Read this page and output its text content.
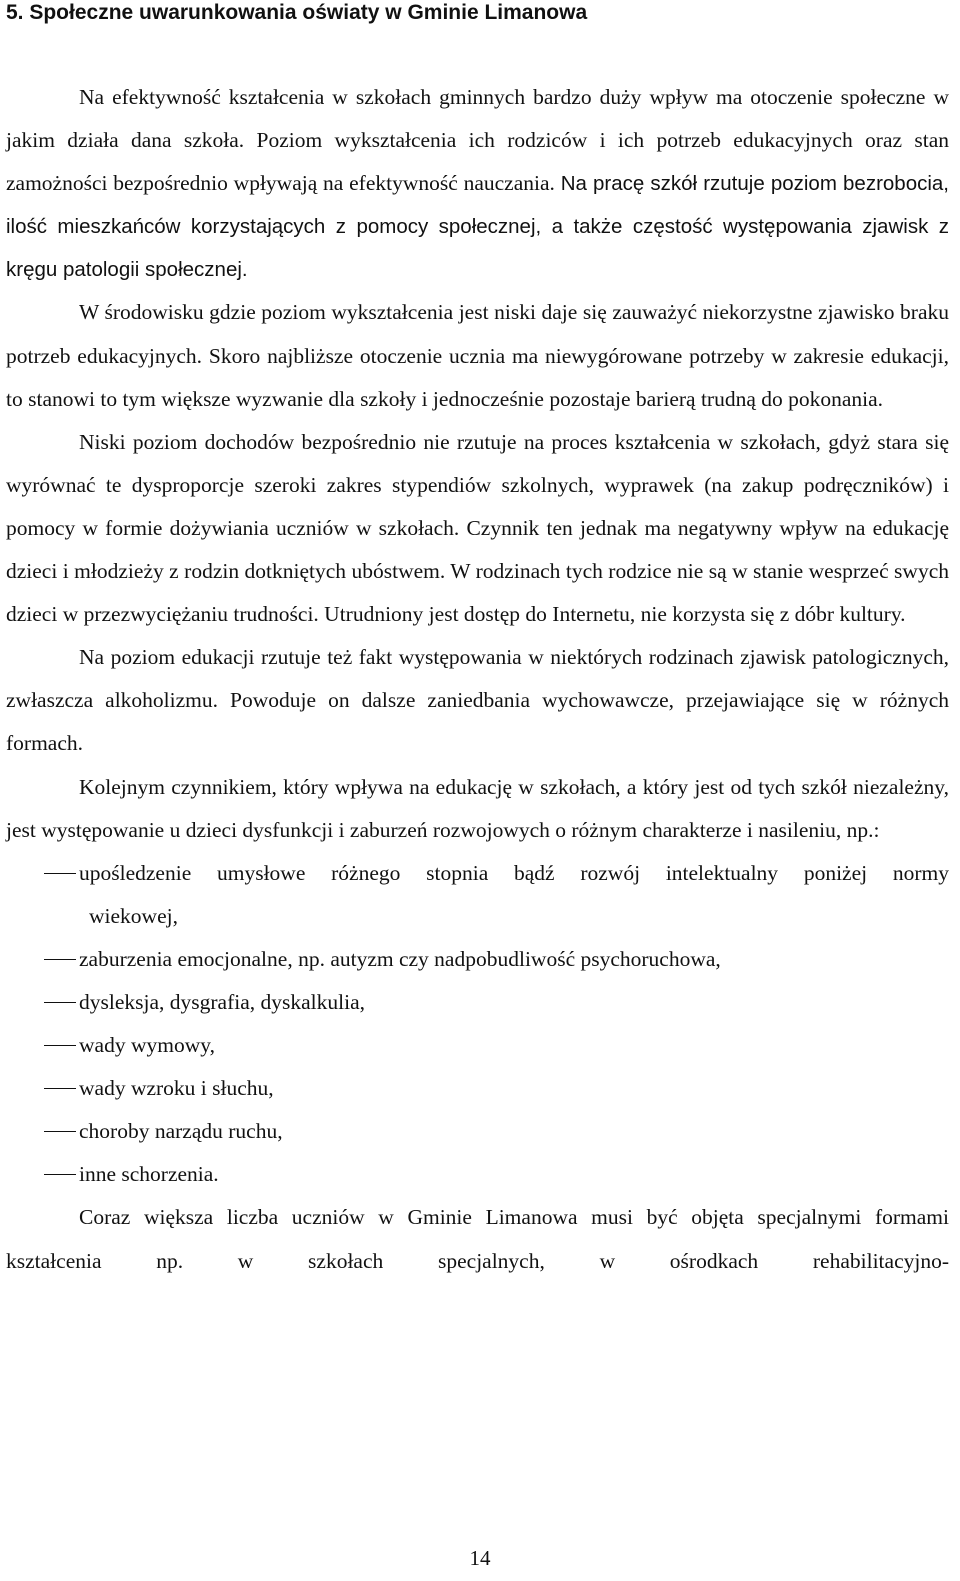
5. Społeczne uwarunkowania oświaty w Gminie Limanowa

Na efektywność kształcenia w szkołach gminnych bardzo duży wpływ ma otoczenie społeczne w jakim działa dana szkoła. Poziom wykształcenia ich rodziców i ich potrzeb edukacyjnych oraz stan zamożności bezpośrednio wpływają na efektywność nauczania. Na pracę szkół rzutuje poziom bezrobocia, ilość mieszkańców korzystających z pomocy społecznej, a także częstość występowania zjawisk z kręgu patologii społecznej.

W środowisku gdzie poziom wykształcenia jest niski daje się zauważyć niekorzystne zjawisko braku potrzeb edukacyjnych. Skoro najbliższe otoczenie ucznia ma niewygórowane potrzeby w zakresie edukacji, to stanowi to tym większe wyzwanie dla szkoły i jednocześnie pozostaje barierą trudną do pokonania.

Niski poziom dochodów bezpośrednio nie rzutuje na proces kształcenia w szkołach, gdyż stara się wyrównać te dysproporcje szeroki zakres stypendiów szkolnych, wyprawek (na zakup podręczników) i pomocy w formie dożywiania uczniów w szkołach. Czynnik ten jednak ma negatywny wpływ na edukację dzieci i młodzieży z rodzin dotkniętych ubóstwem. W rodzinach tych rodzice nie są w stanie wesprzeć swych dzieci w przezwyciężaniu trudności. Utrudniony jest dostęp do Internetu, nie korzysta się z dóbr kultury.

Na poziom edukacji rzutuje też fakt występowania w niektórych rodzinach zjawisk patologicznych, zwłaszcza alkoholizmu. Powoduje on dalsze zaniedbania wychowawcze, przejawiające się w różnych formach.

Kolejnym czynnikiem, który wpływa na edukację w szkołach, a który jest od tych szkół niezależny, jest występowanie u dzieci dysfunkcji i zaburzeń rozwojowych o różnym charakterze i nasileniu, np.:

upośledzenie umysłowe różnego stopnia bądź rozwój intelektualny poniżej normy
wiekowej,
zaburzenia emocjonalne, np. autyzm czy nadpobudliwość psychoruchowa,
dysleksja, dysgrafia, dyskalkulia,
wady wymowy,
wady wzroku i słuchu,
choroby narządu ruchu,
inne schorzenia.

Coraz większa liczba uczniów w Gminie Limanowa musi być objęta specjalnymi formami kształcenia np. w szkołach specjalnych, w ośrodkach rehabilitacyjno-

14
